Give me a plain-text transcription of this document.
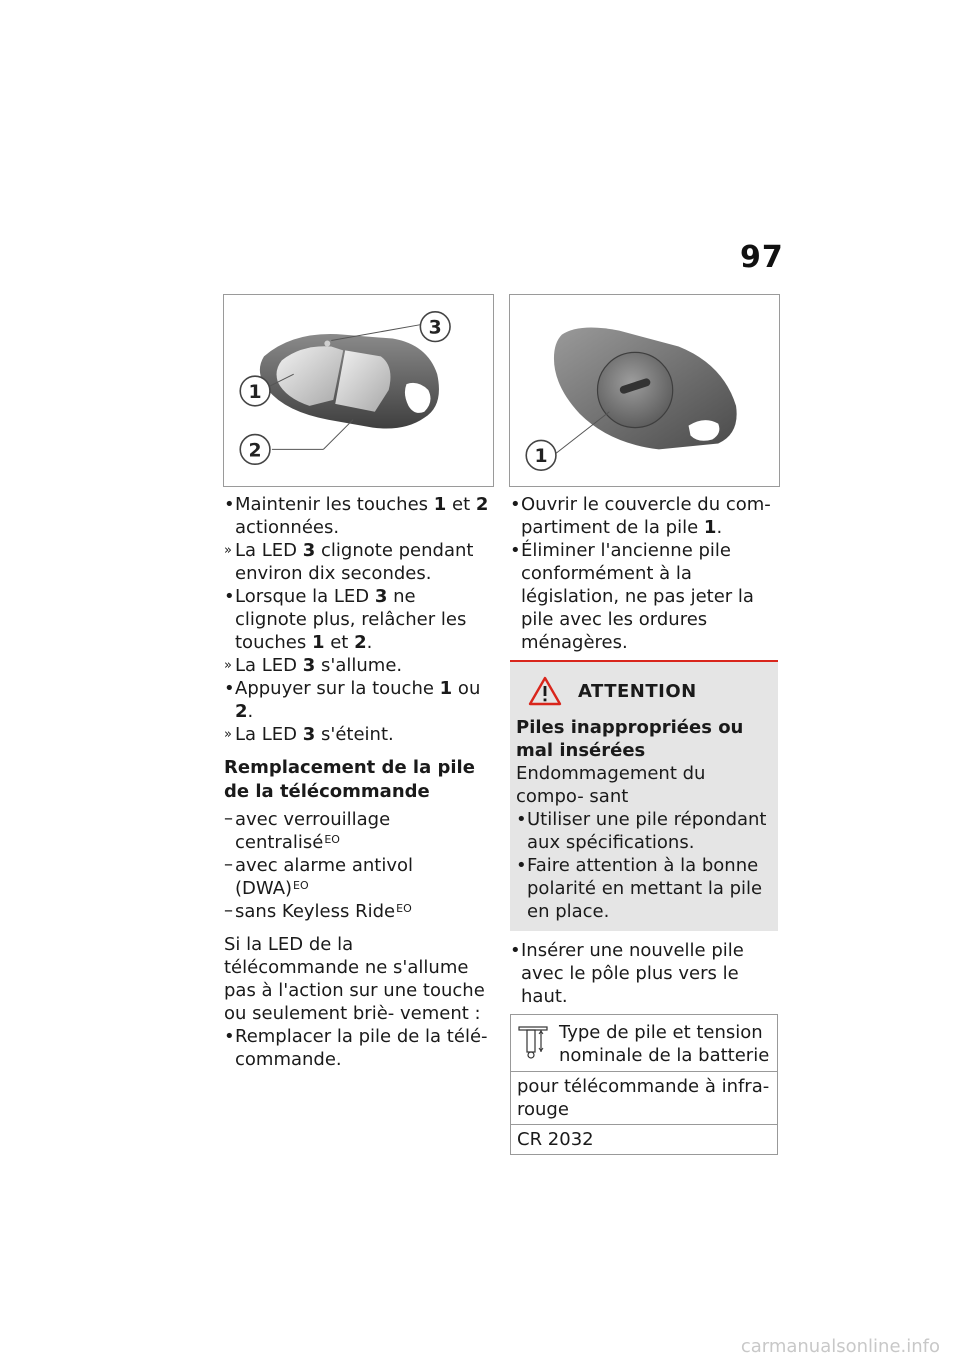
97
3
1
2	1

• Maintenir les touches 1 et 2 actionnées.

» La LED 3 clignote pendant environ dix secondes.

• Lorsque la LED 3 ne clignote plus, relâcher les touches 1 et 2.

» La LED 3 s'allume.

• Appuyer sur la touche 1 ou 2.

» La LED 3 s'éteint.

Remplacement de la pile de la télécommande
– avec verrouillage centralisé$^{EO}$
– avec alarme antivol (DWA)$^{EO}$
– sans Keyless Ride$^{EO}$

Si la LED de la télécommande ne s'allume pas à l'action sur une touche ou seulement briè- vement :

• Remplacer la pile de la télé- commande.

• Ouvrir le couvercle du com- partiment de la pile 1.

• Éliminer l'ancienne pile conformément à la législation, ne pas jeter la pile avec les ordures ménagères.

ATTENTION
Piles inappropriées ou mal insérées
Endommagement du compo- sant

• Utiliser une pile répondant aux spécifications.

• Faire attention à la bonne polarité en mettant la pile en place.

• Insérer une nouvelle pile avec le pôle plus vers le haut.

Type de pile et tension nominale de la batterie
pour télécommande à infra- rouge
CR 2032
carmanualsonline.info
